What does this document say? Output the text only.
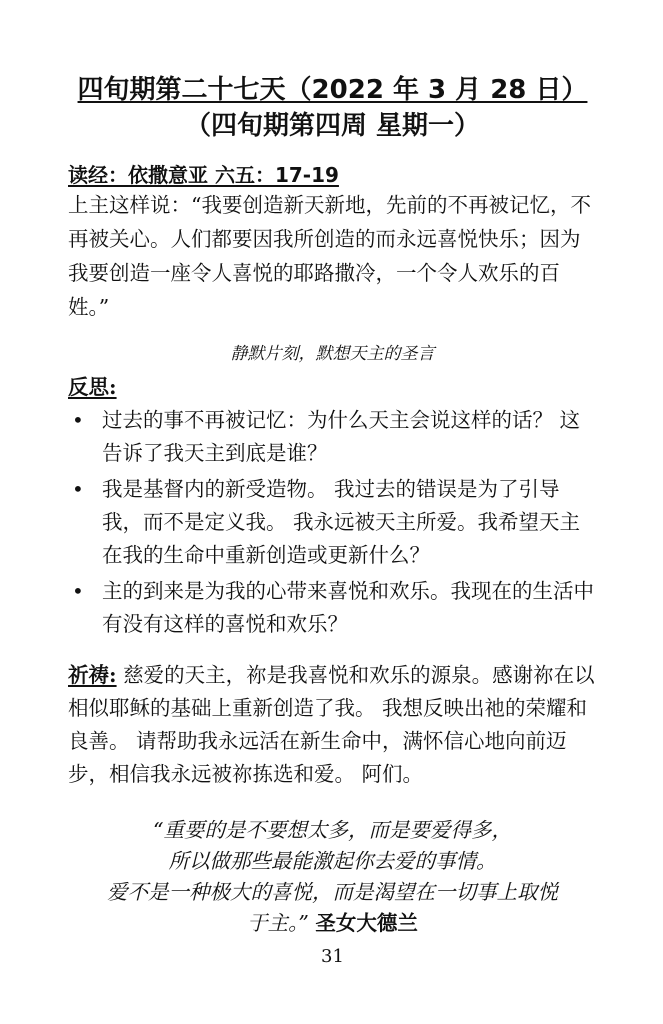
四旬期第二十七天（2022 年 3 月 28 日）
（四旬期第四周 星期一）
读经：依撒意亚 六五：17-19

上主这样说：“我要创造新天新地，先前的不再被记忆，不再被关心。人们都要因我所创造的而永远喜悦快乐；因为我要创造一座令人喜悦的耶路撒冷，一个令人欢乐的百姓。”

静默片刻，默想天主的圣言
反思:
• 过去的事不再被记忆：为什么天主会说这样的话？ 这告诉了我天主到底是谁？
• 我是基督内的新受造物。 我过去的错误是为了引导我，而不是定义我。 我永远被天主所爱。我希望天主在我的生命中重新创造或更新什么？
• 主的到来是为我的心带来喜悦和欢乐。我现在的生活中有没有这样的喜悦和欢乐？
祈祷: 慈爱的天主，祢是我喜悦和欢乐的源泉。感谢祢在以相似耶稣的基础上重新创造了我。 我想反映出祂的荣耀和良善。 请帮助我永远活在新生命中，满怀信心地向前迈步，相信我永远被祢拣选和爱。 阿们。
“重要的是不要想太多，而是要爱得多，
所以做那些最能激起你去爱的事情。
爱不是一种极大的喜悦，而是渴望在一切事上取悦
于主。” 圣女大德兰
31
